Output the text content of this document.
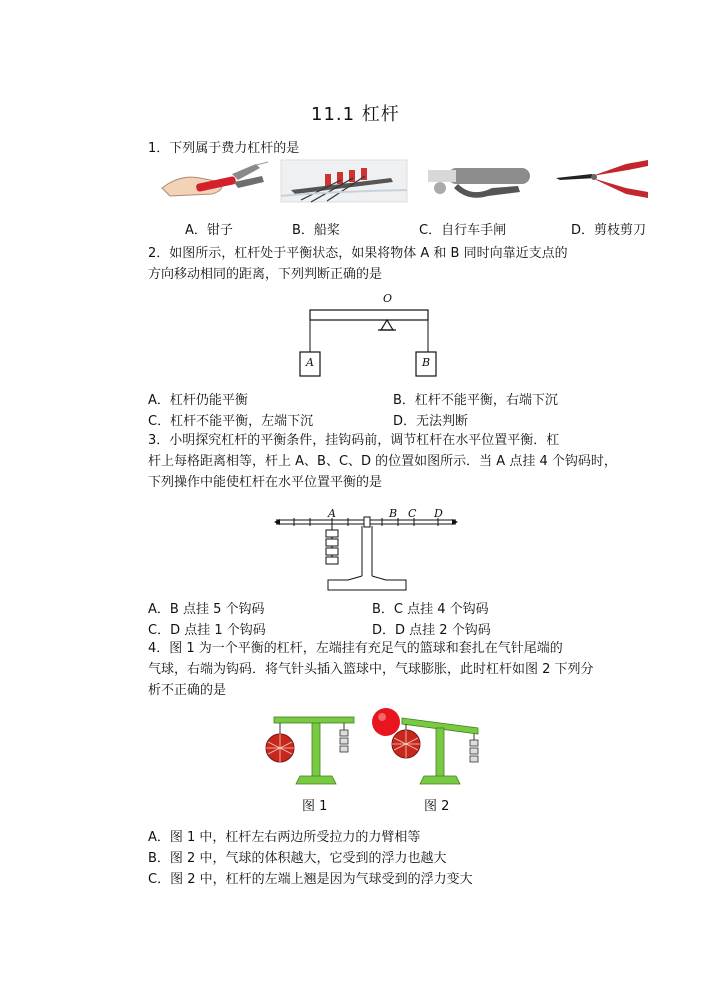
11.1 杠杆
1．下列属于费力杠杆的是
A．钳子	B．船桨	C．自行车手闸	D．剪枝剪刀
2．如图所示，杠杆处于平衡状态，如果将物体 A 和 B 同时向靠近支点的
方向移动相同的距离，下列判断正确的是
O
A	B
A．杠杆仍能平衡	B．杠杆不能平衡，右端下沉
C．杠杆不能平衡，左端下沉	D．无法判断
3．小明探究杠杆的平衡条件，挂钩码前，调节杠杆在水平位置平衡．杠
杆上每格距离相等，杆上 A、B、C、D 的位置如图所示．当 A 点挂 4 个钩码时，
下列操作中能使杠杆在水平位置平衡的是
A	B C D
A．B 点挂 5 个钩码	B．C 点挂 4 个钩码
C．D 点挂 1 个钩码	D．D 点挂 2 个钩码
4．图 1 为一个平衡的杠杆，左端挂有充足气的篮球和套扎在气针尾端的
气球，右端为钩码．将气针头插入篮球中，气球膨胀，此时杠杆如图 2 下列分
析不正确的是
图 1	图 2
A．图 1 中，杠杆左右两边所受拉力的力臂相等
B．图 2 中，气球的体积越大，它受到的浮力也越大
C．图 2 中，杠杆的左端上翘是因为气球受到的浮力变大
